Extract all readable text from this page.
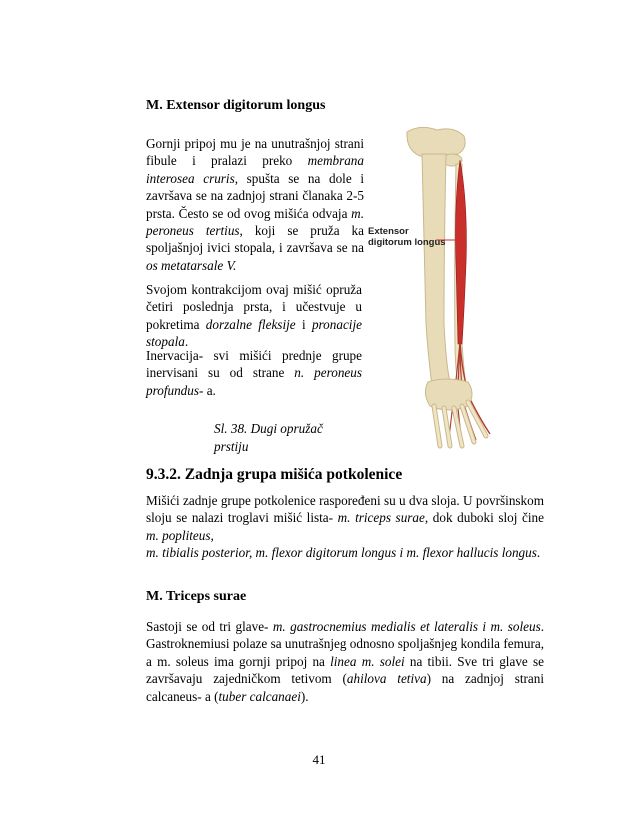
M. Extensor digitorum longus
Gornji pripoj mu je na unutrašnjoj strani fibule i pralazi preko membrana interosea cruris, spušta se na dole i završava se na zadnjoj strani članaka 2-5 prsta. Često se od ovog mišića odvaja m. peroneus tertius, koji se pruža ka spoljašnjoj ivici stopala, i završava se na os metatarsale V.
Svojom kontrakcijom ovaj mišić opruža četiri poslednja prsta, i učestvuje u pokretima dorzalne fleksije i pronacije stopala.
Inervacija- svi mišići prednje grupe inervisani su od strane n. peroneus profundus- a.
Sl. 38. Dugi opružač
prstiju
Extensor
digitorum longus
9.3.2. Zadnja grupa mišića potkolenice
Mišići zadnje grupe potkolenice raspoređeni su u dva sloja. U površinskom sloju se nalazi troglavi mišić lista- m. triceps surae, dok duboki sloj čine m. popliteus,
m. tibialis posterior, m. flexor digitorum longus i m. flexor hallucis longus.
M. Triceps surae
Sastoji se od tri glave- m. gastrocnemius medialis et lateralis i m. soleus. Gastroknemiusi polaze sa unutrašnjeg odnosno spoljašnjeg kondila femura, a m. soleus ima gornji pripoj na linea m. solei na tibii. Sve tri glave se završavaju zajedničkom tetivom (ahilova tetiva) na zadnjoj strani calcaneus- a (tuber calcanaei).
41
